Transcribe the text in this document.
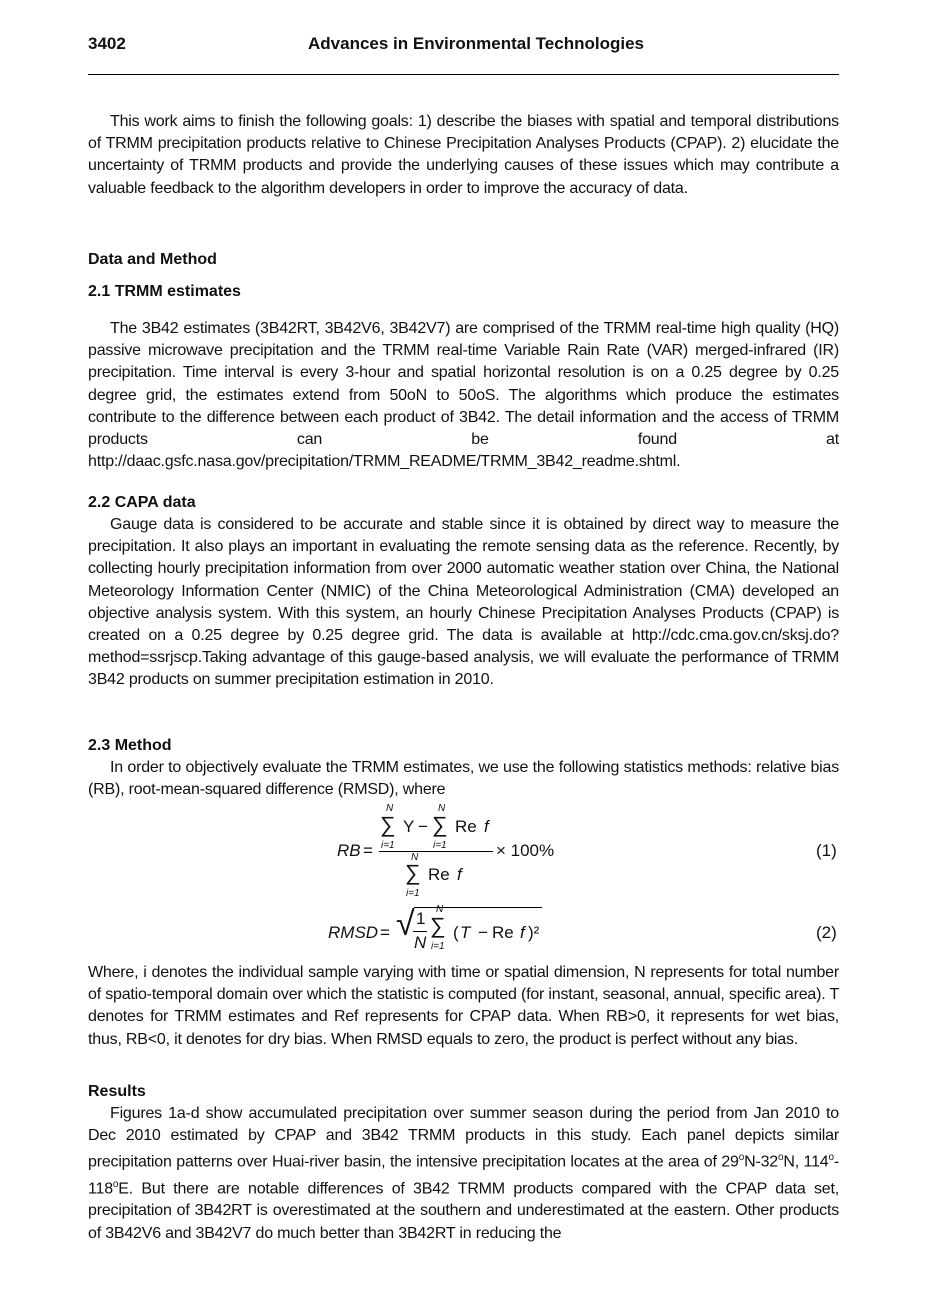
3402	Advances in Environmental Technologies

This work aims to finish the following goals: 1) describe the biases with spatial and temporal distributions of TRMM precipitation products relative to Chinese Precipitation Analyses Products (CPAP). 2) elucidate the uncertainty of TRMM products and provide the underlying causes of these issues which may contribute a valuable feedback to the algorithm developers in order to improve the accuracy of data.

Data and Method
2.1 TRMM estimates

The 3B42 estimates (3B42RT, 3B42V6, 3B42V7) are comprised of the TRMM real-time high quality (HQ) passive microwave precipitation and the TRMM real-time Variable Rain Rate (VAR) merged-infrared (IR) precipitation. Time interval is every 3-hour and spatial horizontal resolution is on a 0.25 degree by 0.25 degree grid, the estimates extend from 50oN to 50oS. The algorithms which produce the estimates contribute to the difference between each product of 3B42. The detail information and the access of TRMM products can be found at http://daac.gsfc.nasa.gov/precipitation/TRMM_README/TRMM_3B42_readme.shtml.

2.2 CAPA data

Gauge data is considered to be accurate and stable since it is obtained by direct way to measure the precipitation. It also plays an important in evaluating the remote sensing data as the reference. Recently, by collecting hourly precipitation information from over 2000 automatic weather station over China, the National Meteorology Information Center (NMIC) of the China Meteorological Administration (CMA) developed an objective analysis system. With this system, an hourly Chinese Precipitation Analyses Products (CPAP) is created on a 0.25 degree by 0.25 degree grid. The data is available at http://cdc.cma.gov.cn/sksj.do?method=ssrjscp.Taking advantage of this gauge-based analysis, we will evaluate the performance of TRMM 3B42 products on summer precipitation estimation in 2010.

2.3 Method

In order to objectively evaluate the TRMM estimates, we use the following statistics methods: relative bias (RB), root-mean-squared difference (RMSD), where

RB =
∑
N
i=1
Y − ∑
N
i=1
Re f
∑
N
i=1
Re f
× 100%	(1)
RMSD = √ 1
N
∑
N
i=1
( T − Re f )²	(2)

Where, i denotes the individual sample varying with time or spatial dimension, N represents for total number of spatio-temporal domain over which the statistic is computed (for instant, seasonal, annual, specific area). T denotes for TRMM estimates and Ref represents for CPAP data. When RB>0, it represents for wet bias, thus, RB<0, it denotes for dry bias. When RMSD equals to zero, the product is perfect without any bias.

Results

Figures 1a-d show accumulated precipitation over summer season during the period from Jan 2010 to Dec 2010 estimated by CPAP and 3B42 TRMM products in this study. Each panel depicts similar precipitation patterns over Huai-river basin, the intensive precipitation locates at the area of 29$^o$N-32$^o$N, 114$^o$-118$^o$E. But there are notable differences of 3B42 TRMM products compared with the CPAP data set, precipitation of 3B42RT is overestimated at the southern and underestimated at the eastern. Other products of 3B42V6 and 3B42V7 do much better than 3B42RT in reducing the
